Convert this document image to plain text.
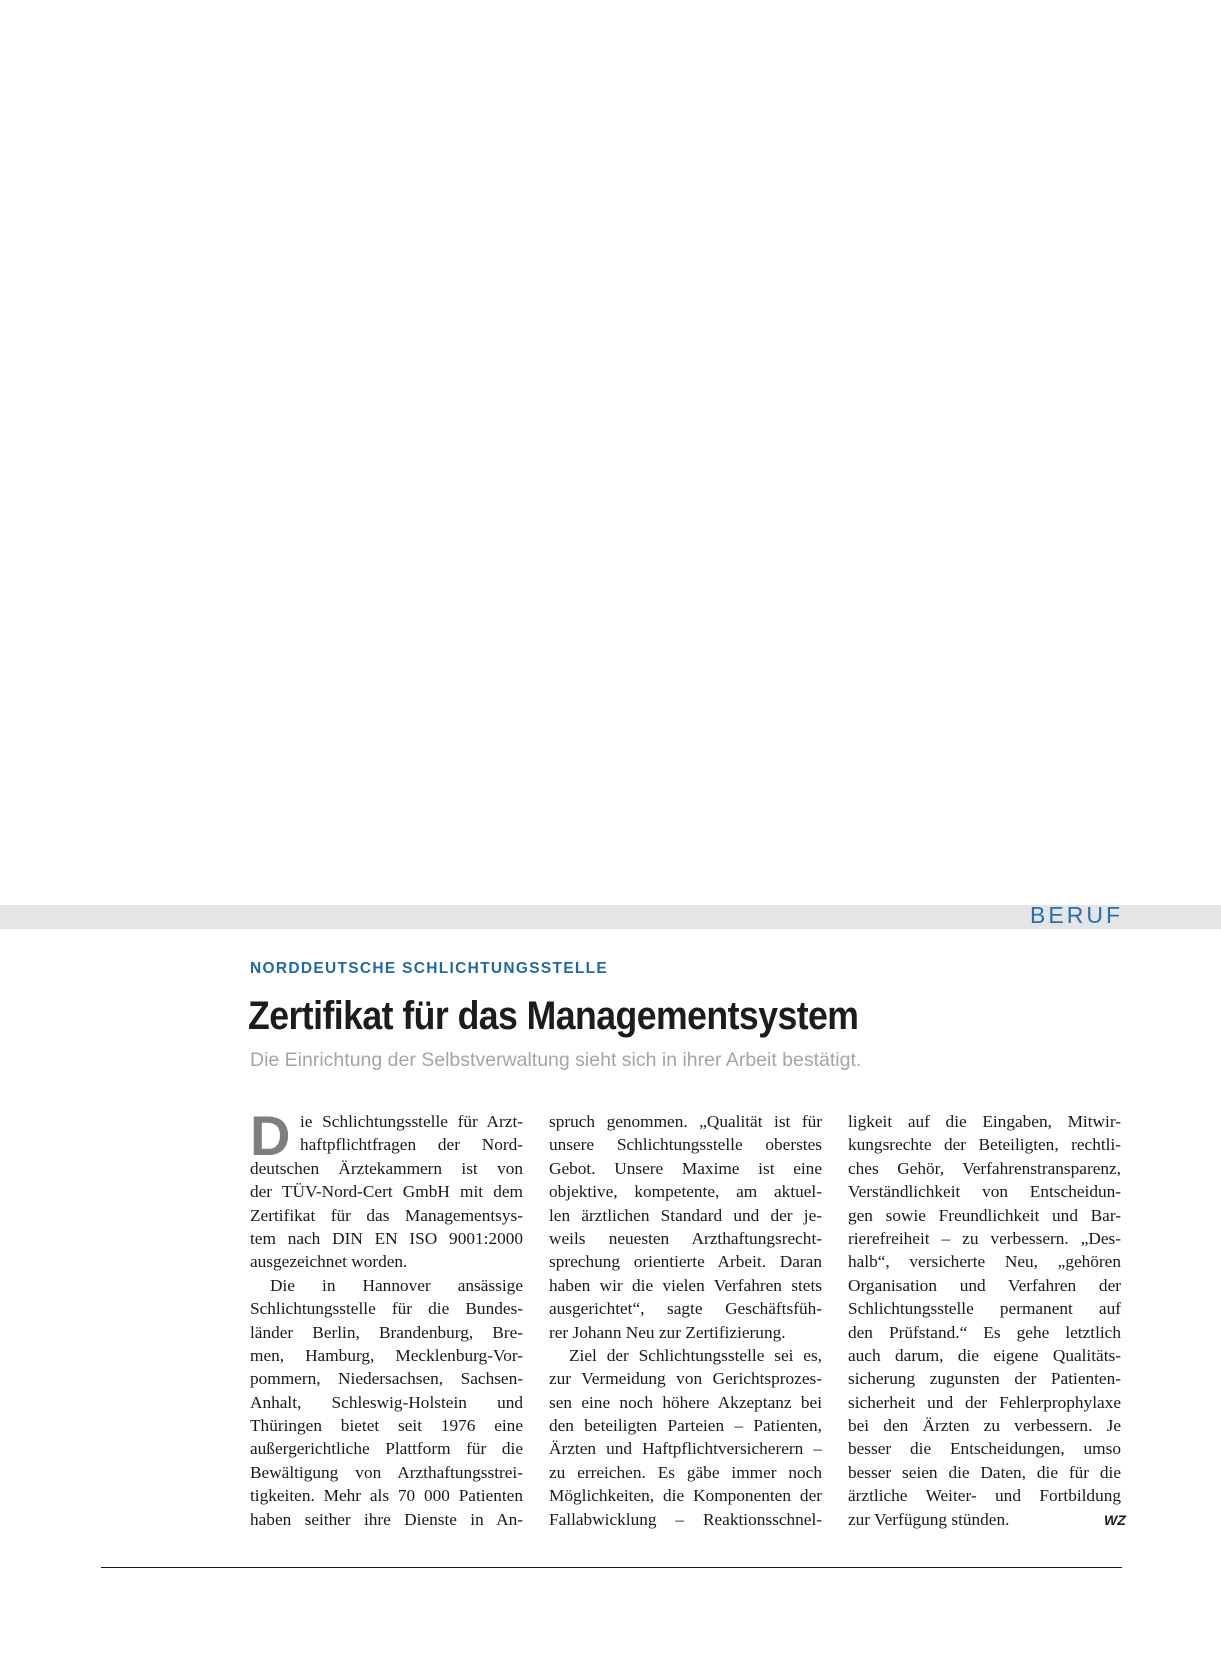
BERUF
NORDDEUTSCHE SCHLICHTUNGSSTELLE
Zertifikat für das Managementsystem
Die Einrichtung der Selbstverwaltung sieht sich in ihrer Arbeit bestätigt.
D ie Schlichtungsstelle für Arzt-
haftpflichtfragen der Nord-
deutschen Ärztekammern ist von
der TÜV-Nord-Cert GmbH mit dem
Zertifikat für das Managementsys-
tem nach DIN EN ISO 9001:2000
ausgezeichnet worden.
Die in Hannover ansässige
Schlichtungsstelle für die Bundes-
länder Berlin, Brandenburg, Bre-
men, Hamburg, Mecklenburg-Vor-
pommern, Niedersachsen, Sachsen-
Anhalt, Schleswig-Holstein und
Thüringen bietet seit 1976 eine
außergerichtliche Plattform für die
Bewältigung von Arzthaftungsstrei-
tigkeiten. Mehr als 70 000 Patienten
haben seither ihre Dienste in An-
spruch genommen. „Qualität ist für
unsere Schlichtungsstelle oberstes
Gebot. Unsere Maxime ist eine
objektive, kompetente, am aktuel-
len ärztlichen Standard und der je-
weils neuesten Arzthaftungsrecht-
sprechung orientierte Arbeit. Daran
haben wir die vielen Verfahren stets
ausgerichtet“, sagte Geschäftsfüh-
rer Johann Neu zur Zertifizierung.
Ziel der Schlichtungsstelle sei es,
zur Vermeidung von Gerichtsprozes-
sen eine noch höhere Akzeptanz bei
den beteiligten Parteien – Patienten,
Ärzten und Haftpflichtversicherern –
zu erreichen. Es gäbe immer noch
Möglichkeiten, die Komponenten der
Fallabwicklung – Reaktionsschnel-
ligkeit auf die Eingaben, Mitwir-
kungsrechte der Beteiligten, rechtli-
ches Gehör, Verfahrenstransparenz,
Verständlichkeit von Entscheidun-
gen sowie Freundlichkeit und Bar-
rierefreiheit – zu verbessern. „Des-
halb“, versicherte Neu, „gehören
Organisation und Verfahren der
Schlichtungsstelle permanent auf
den Prüfstand.“ Es gehe letztlich
auch darum, die eigene Qualitäts-
sicherung zugunsten der Patienten-
sicherheit und der Fehlerprophylaxe
bei den Ärzten zu verbessern. Je
besser die Entscheidungen, umso
besser seien die Daten, die für die
ärztliche Weiter- und Fortbildung
zur Verfügung stünden.	WZ
